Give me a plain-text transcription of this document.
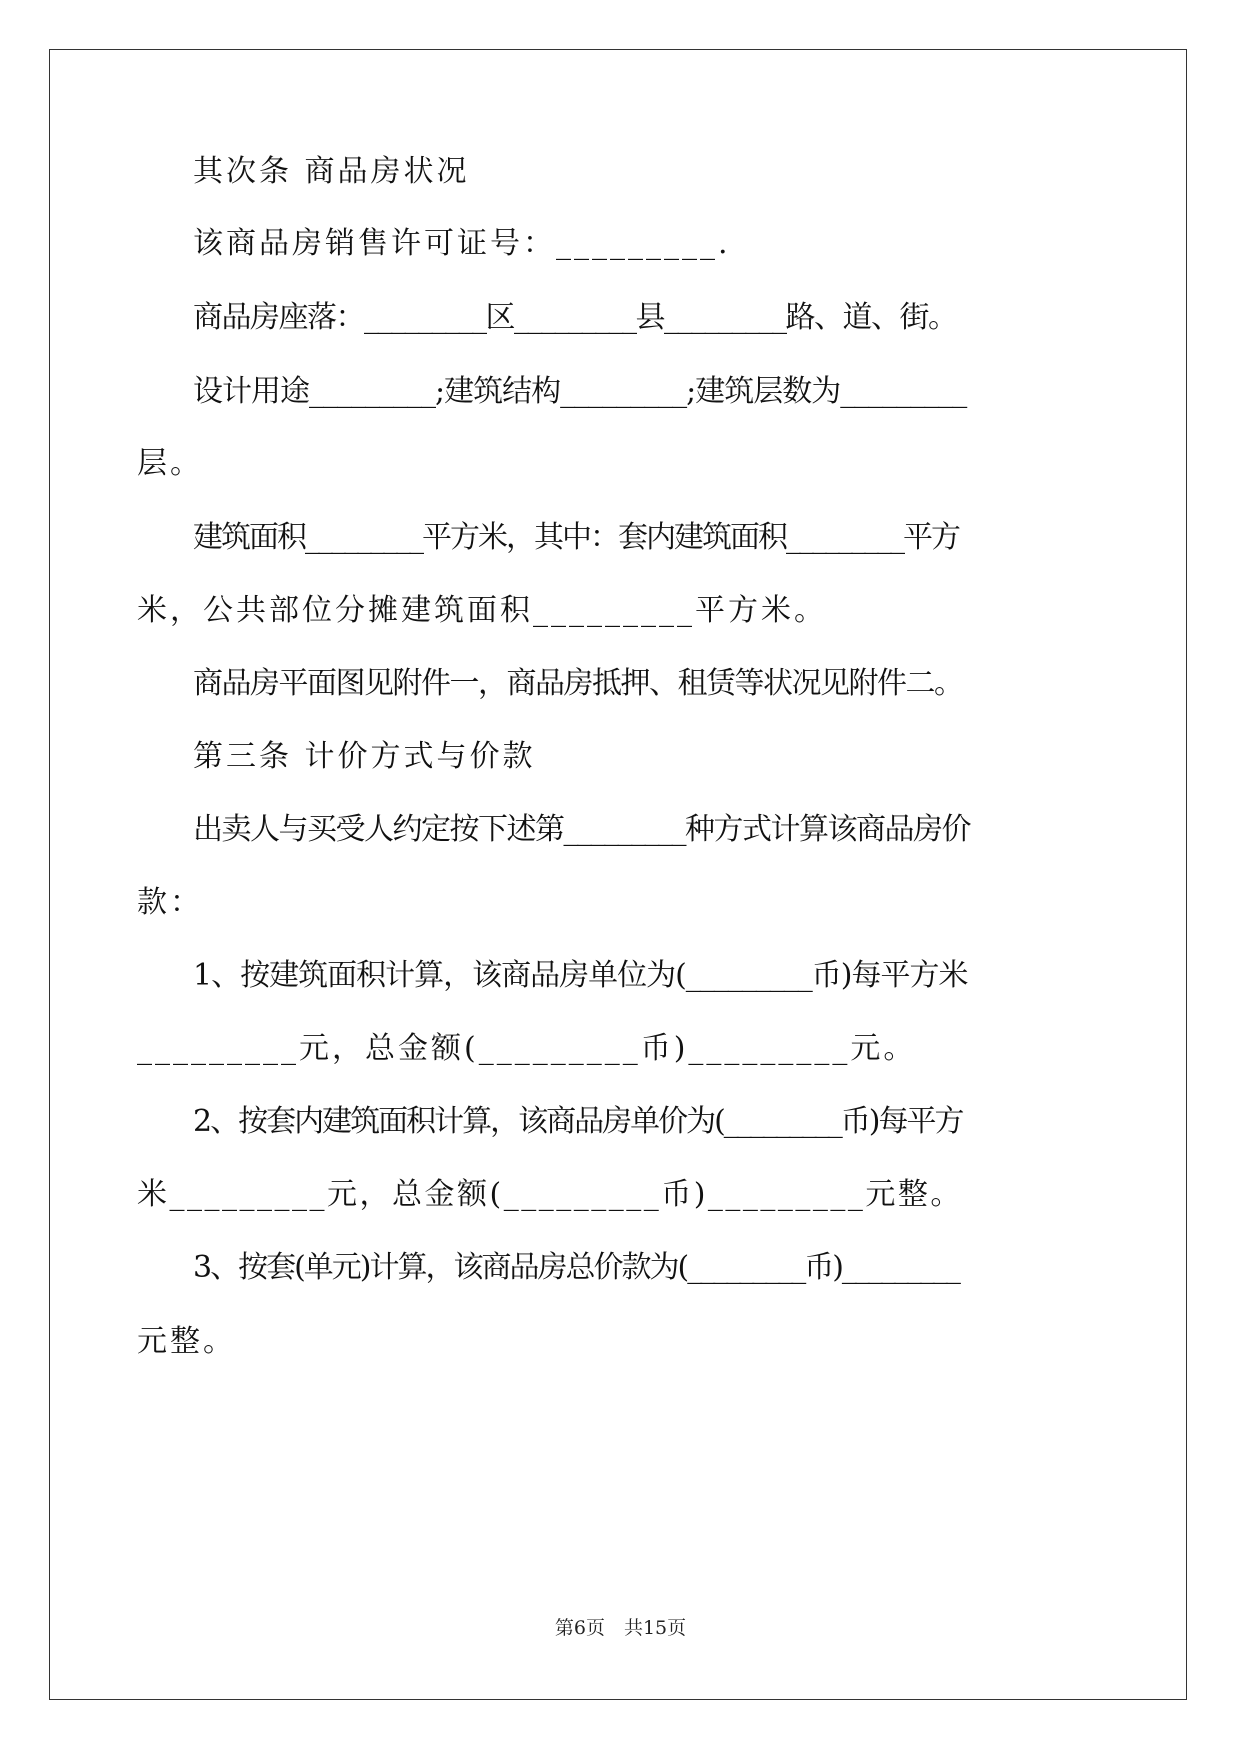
其次条 商品房状况
该商品房销售许可证号：_________.
商品房座落：_________区_________县_________路、道、街。
设计用途_________;建筑结构_________;建筑层数为_________
层。
建筑面积_________平方米，其中：套内建筑面积_________平方
米，公共部位分摊建筑面积_________平方米。
商品房平面图见附件一，商品房抵押、租赁等状况见附件二。
第三条 计价方式与价款
出卖人与买受人约定按下述第_________种方式计算该商品房价
款：
1、按建筑面积计算，该商品房单位为(_________币)每平方米
_________元，总金额(_________币)_________元。
2、按套内建筑面积计算，该商品房单价为(_________币)每平方
米_________元，总金额(_________币)_________元整。
3、按套(单元)计算，该商品房总价款为(_________币)_________
元整。
第6页　共15页
